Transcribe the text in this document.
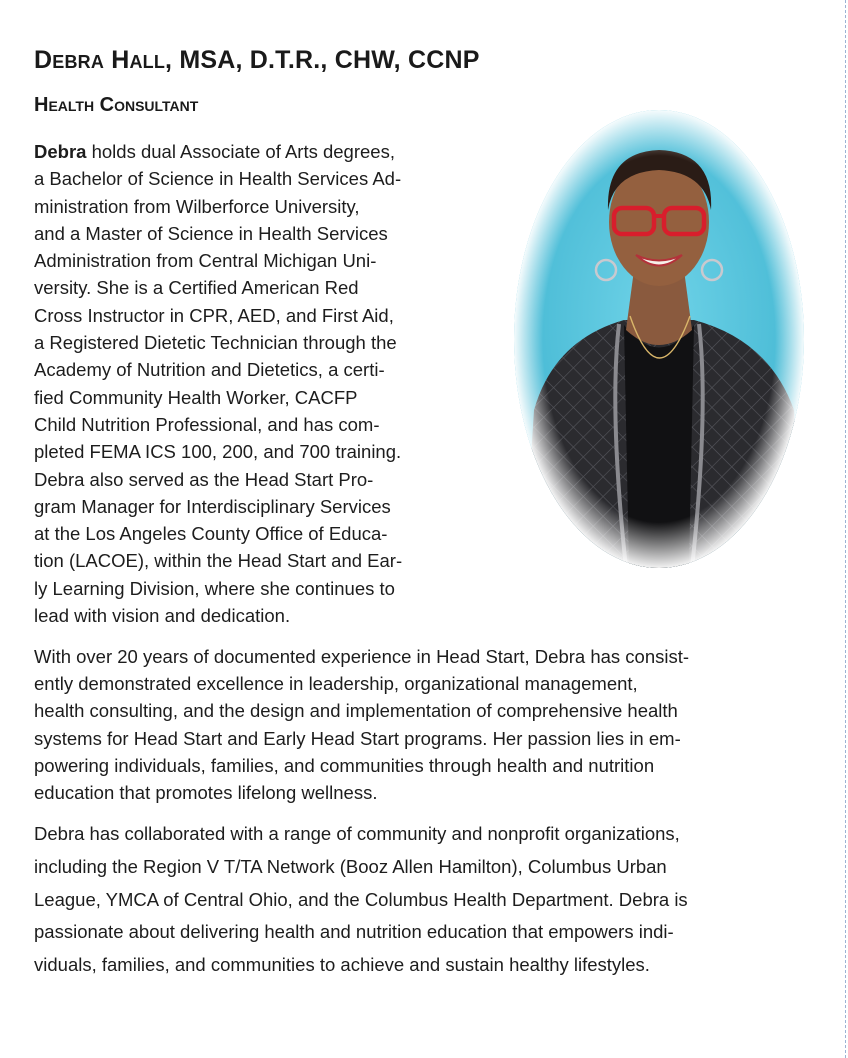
Debra Hall, MSA, D.T.R., CHW, CCNP
Health Consultant

Debra holds dual Associate of Arts degrees,
a Bachelor of Science in Health Services Ad-
ministration from Wilberforce University,
and a Master of Science in Health Services
Administration from Central Michigan Uni-
versity. She is a Certified American Red
Cross Instructor in CPR, AED, and First Aid,
a Registered Dietetic Technician through the
Academy of Nutrition and Dietetics, a certi-
fied Community Health Worker, CACFP
Child Nutrition Professional, and has com-
pleted FEMA ICS 100, 200, and 700 training.
Debra also served as the Head Start Pro-
gram Manager for Interdisciplinary Services
at the Los Angeles County Office of Educa-
tion (LACOE), within the Head Start and Ear-
ly Learning Division, where she continues to
lead with vision and dedication.

With over 20 years of documented experience in Head Start, Debra has consist-
ently demonstrated excellence in leadership, organizational management,
health consulting, and the design and implementation of comprehensive health
systems for Head Start and Early Head Start programs. Her passion lies in em-
powering individuals, families, and communities through health and nutrition
education that promotes lifelong wellness.

Debra has collaborated with a range of community and nonprofit organizations,
including the Region V T/TA Network (Booz Allen Hamilton), Columbus Urban
League, YMCA of Central Ohio, and the Columbus Health Department. Debra is
passionate about delivering health and nutrition education that empowers indi-
viduals, families, and communities to achieve and sustain healthy lifestyles.
